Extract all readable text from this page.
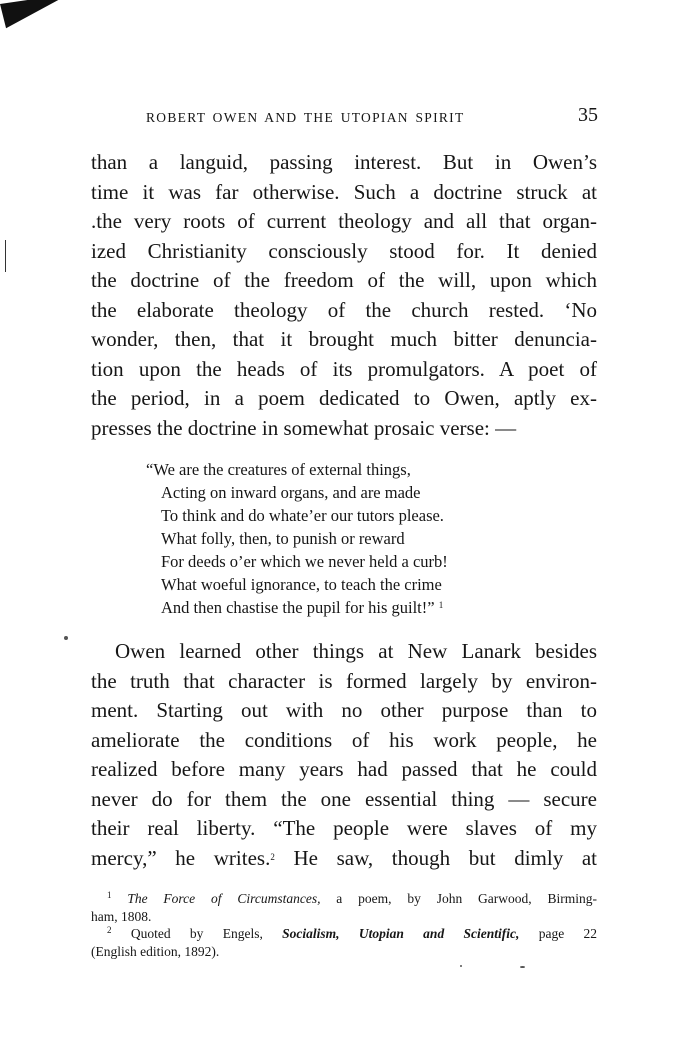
ROBERT OWEN AND THE UTOPIAN SPIRIT	35
than a languid, passing interest. But in Owen’s
time it was far otherwise. Such a doctrine struck at
.the very roots of current theology and all that organ-
ized Christianity consciously stood for. It denied
the doctrine of the freedom of the will, upon which
the elaborate theology of the church rested. ‘No
wonder, then, that it brought much bitter denuncia-
tion upon the heads of its promulgators. A poet of
the period, in a poem dedicated to Owen, aptly ex-
presses the doctrine in somewhat prosaic verse: —
“We are the creatures of external things,
Acting on inward organs, and are made
To think and do whate’er our tutors please.
What folly, then, to punish or reward
For deeds o’er which we never held a curb!
What woeful ignorance, to teach the crime
And then chastise the pupil for his guilt!” $^1$
Owen learned other things at New Lanark besides
the truth that character is formed largely by environ-
ment. Starting out with no other purpose than to
ameliorate the conditions of his work people, he
realized before many years had passed that he could
never do for them the one essential thing — secure
their real liberty. “The people were slaves of my
mercy,” he writes.$^2$ He saw, though but dimly at
$^1$ The Force of Circumstances, a poem, by John Garwood, Birming-
ham, 1808.
$^2$ Quoted by Engels, Socialism, Utopian and Scientific, page 22
(English edition, 1892).
